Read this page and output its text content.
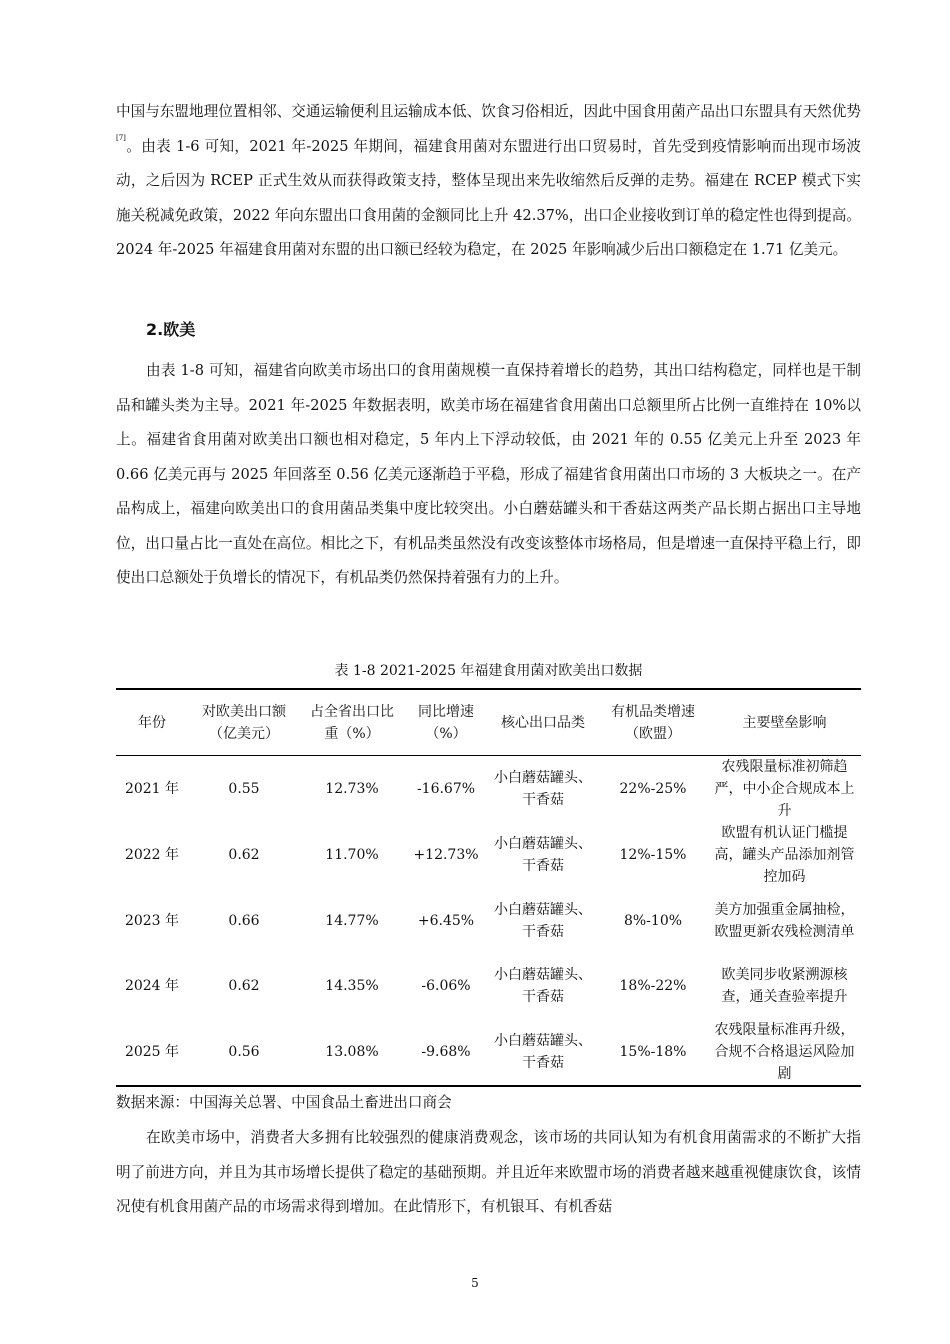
中国与东盟地理位置相邻、交通运输便利且运输成本低、饮食习俗相近，因此中国食用菌产品出口东盟具有天然优势[7]。由表 1-6 可知，2021 年-2025 年期间，福建食用菌对东盟进行出口贸易时，首先受到疫情影响而出现市场波动，之后因为 RCEP 正式生效从而获得政策支持，整体呈现出来先收缩然后反弹的走势。福建在 RCEP 模式下实施关税减免政策，2022 年向东盟出口食用菌的金额同比上升 42.37%，出口企业接收到订单的稳定性也得到提高。2024 年-2025 年福建食用菌对东盟的出口额已经较为稳定，在 2025 年影响减少后出口额稳定在 1.71 亿美元。

2.欧美

由表 1-8 可知，福建省向欧美市场出口的食用菌规模一直保持着增长的趋势，其出口结构稳定，同样也是干制品和罐头类为主导。2021 年-2025 年数据表明，欧美市场在福建省食用菌出口总额里所占比例一直维持在 10%以上。福建省食用菌对欧美出口额也相对稳定，5 年内上下浮动较低，由 2021 年的 0.55 亿美元上升至 2023 年 0.66 亿美元再与 2025 年回落至 0.56 亿美元逐渐趋于平稳，形成了福建省食用菌出口市场的 3 大板块之一。在产品构成上，福建向欧美出口的食用菌品类集中度比较突出。小白蘑菇罐头和干香菇这两类产品长期占据出口主导地位，出口量占比一直处在高位。相比之下，有机品类虽然没有改变该整体市场格局，但是增速一直保持平稳上行，即使出口总额处于负增长的情况下，有机品类仍然保持着强有力的上升。

表 1-8 2021-2025 年福建食用菌对欧美出口数据
年份	对欧美出口额（亿美元）	占全省出口比重（%）	同比增速（%）	核心出口品类	有机品类增速（欧盟）	主要壁垒影响
2021 年	0.55	12.73%	-16.67%	小白蘑菇罐头、干香菇	22%-25%	农残限量标准初筛趋严，中小企合规成本上升
2022 年	0.62	11.70%	+12.73%	小白蘑菇罐头、干香菇	12%-15%	欧盟有机认证门槛提高，罐头产品添加剂管控加码
2023 年	0.66	14.77%	+6.45%	小白蘑菇罐头、干香菇	8%-10%	美方加强重金属抽检，欧盟更新农残检测清单
2024 年	0.62	14.35%	-6.06%	小白蘑菇罐头、干香菇	18%-22%	欧美同步收紧溯源核查，通关查验率提升
2025 年	0.56	13.08%	-9.68%	小白蘑菇罐头、干香菇	15%-18%	农残限量标准再升级，合规不合格退运风险加剧
数据来源：中国海关总署、中国食品土畜进出口商会

在欧美市场中，消费者大多拥有比较强烈的健康消费观念，该市场的共同认知为有机食用菌需求的不断扩大指明了前进方向，并且为其市场增长提供了稳定的基础预期。并且近年来欧盟市场的消费者越来越重视健康饮食，该情况使有机食用菌产品的市场需求得到增加。在此情形下，有机银耳、有机香菇

5
